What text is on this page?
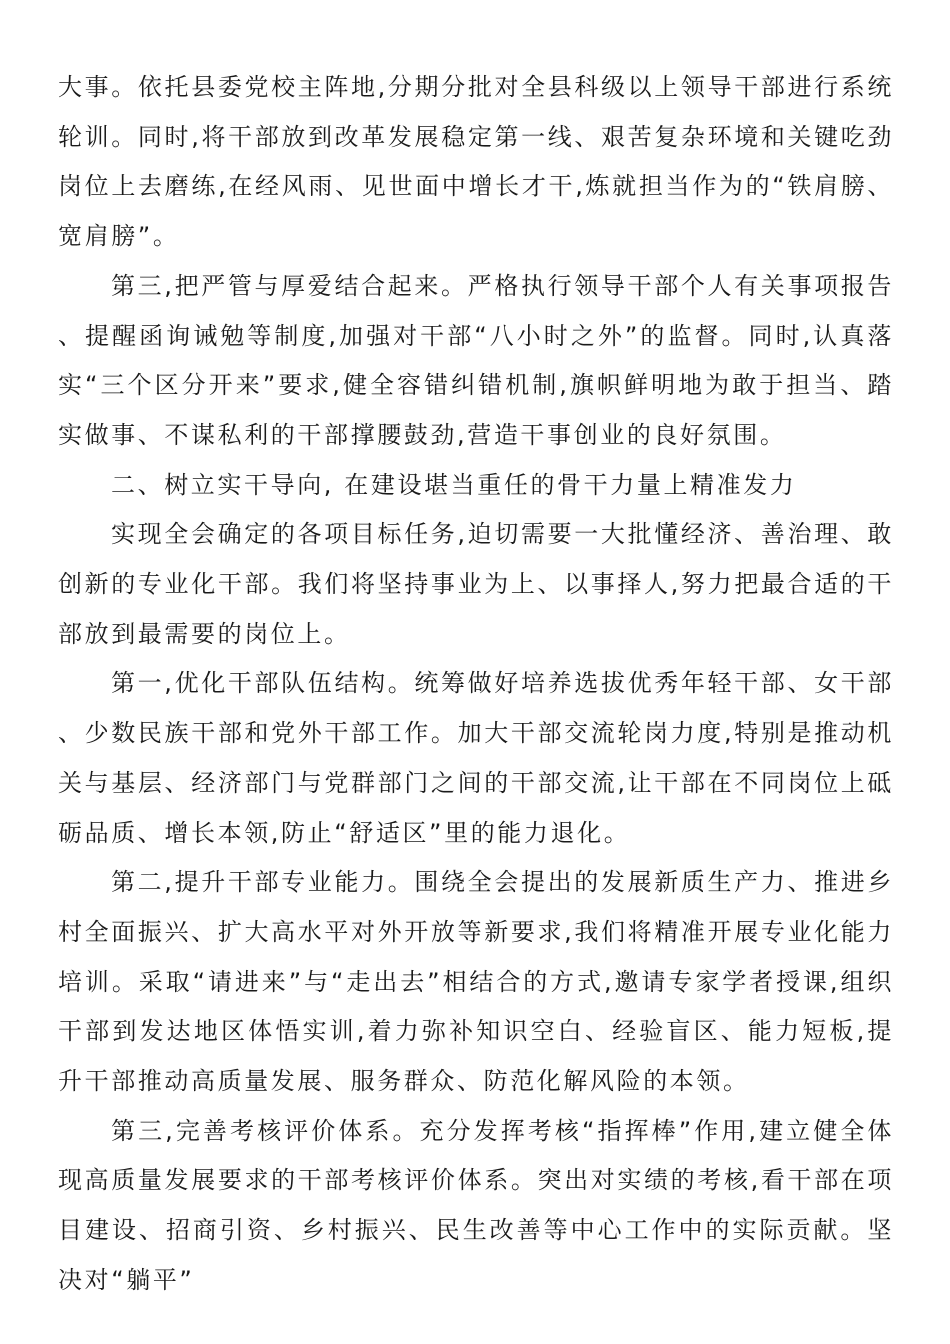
大事。依托县委党校主阵地,分期分批对全县科级以上领导干部进行系统轮训。同时,将干部放到改革发展稳定第一线、艰苦复杂环境和关键吃劲岗位上去磨练,在经风雨、见世面中增长才干,炼就担当作为的“铁肩膀、宽肩膀”。

第三,把严管与厚爱结合起来。严格执行领导干部个人有关事项报告、提醒函询诫勉等制度,加强对干部“八小时之外”的监督。同时,认真落实“三个区分开来”要求,健全容错纠错机制,旗帜鲜明地为敢于担当、踏实做事、不谋私利的干部撑腰鼓劲,营造干事创业的良好氛围。

二、树立实干导向, 在建设堪当重任的骨干力量上精准发力

实现全会确定的各项目标任务,迫切需要一大批懂经济、善治理、敢创新的专业化干部。我们将坚持事业为上、以事择人,努力把最合适的干部放到最需要的岗位上。

第一,优化干部队伍结构。统筹做好培养选拔优秀年轻干部、女干部、少数民族干部和党外干部工作。加大干部交流轮岗力度,特别是推动机关与基层、经济部门与党群部门之间的干部交流,让干部在不同岗位上砥砺品质、增长本领,防止“舒适区”里的能力退化。

第二,提升干部专业能力。围绕全会提出的发展新质生产力、推进乡村全面振兴、扩大高水平对外开放等新要求,我们将精准开展专业化能力培训。采取“请进来”与“走出去”相结合的方式,邀请专家学者授课,组织干部到发达地区体悟实训,着力弥补知识空白、经验盲区、能力短板,提升干部推动高质量发展、服务群众、防范化解风险的本领。

第三,完善考核评价体系。充分发挥考核“指挥棒”作用,建立健全体现高质量发展要求的干部考核评价体系。突出对实绩的考核,看干部在项目建设、招商引资、乡村振兴、民生改善等中心工作中的实际贡献。坚决对“躺平”
